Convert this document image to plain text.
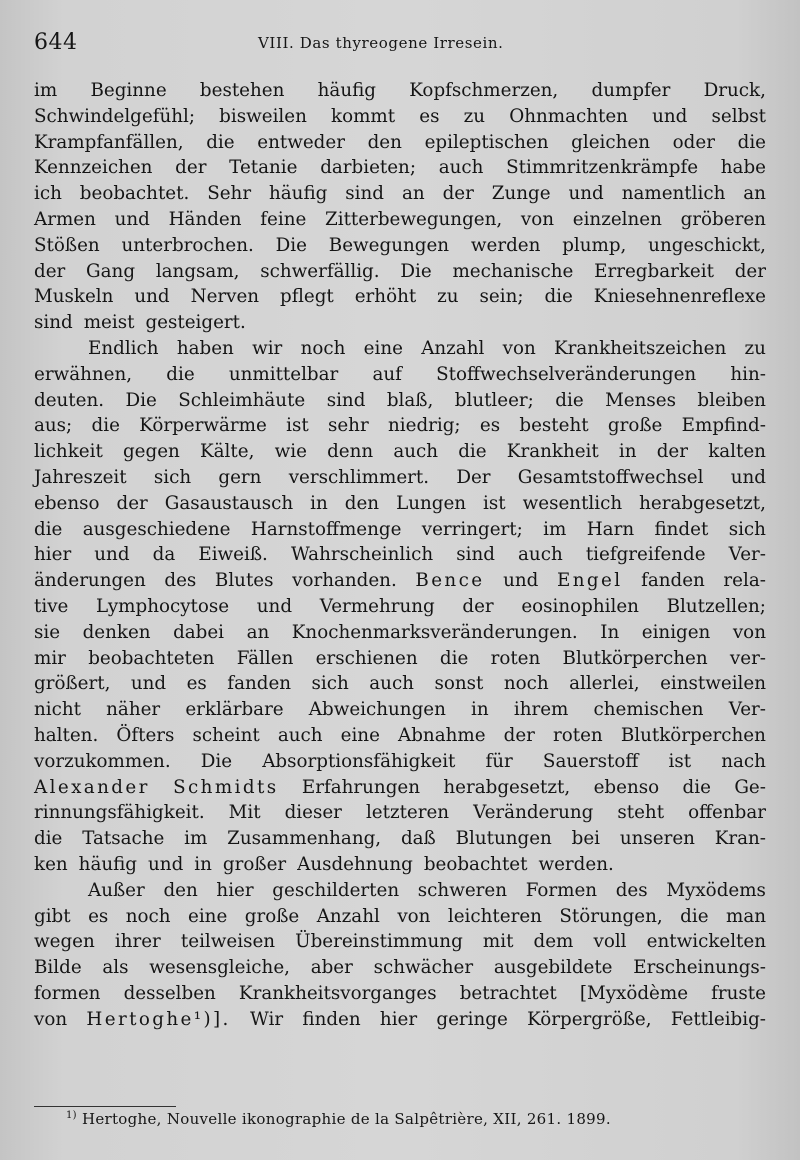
644	VIII. Das thyreogene Irresein.
im Beginne bestehen häufig Kopfschmerzen, dumpfer Druck,
Schwindelgefühl; bisweilen kommt es zu Ohnmachten und selbst
Krampfanfällen, die entweder den epileptischen gleichen oder die
Kennzeichen der Tetanie darbieten; auch Stimmritzenkrämpfe habe
ich beobachtet. Sehr häufig sind an der Zunge und namentlich an
Armen und Händen feine Zitterbewegungen, von einzelnen gröberen
Stößen unterbrochen. Die Bewegungen werden plump, ungeschickt,
der Gang langsam, schwerfällig. Die mechanische Erregbarkeit der
Muskeln und Nerven pflegt erhöht zu sein; die Kniesehnenreflexe
sind meist gesteigert.
Endlich haben wir noch eine Anzahl von Krankheitszeichen zu
erwähnen, die unmittelbar auf Stoffwechselveränderungen hin-
deuten. Die Schleimhäute sind blaß, blutleer; die Menses bleiben
aus; die Körperwärme ist sehr niedrig; es besteht große Empfind-
lichkeit gegen Kälte, wie denn auch die Krankheit in der kalten
Jahreszeit sich gern verschlimmert. Der Gesamtstoffwechsel und
ebenso der Gasaustausch in den Lungen ist wesentlich herabgesetzt,
die ausgeschiedene Harnstoffmenge verringert; im Harn findet sich
hier und da Eiweiß. Wahrscheinlich sind auch tiefgreifende Ver-
änderungen des Blutes vorhanden. Bence und Engel fanden rela-
tive Lymphocytose und Vermehrung der eosinophilen Blutzellen;
sie denken dabei an Knochenmarksveränderungen. In einigen von
mir beobachteten Fällen erschienen die roten Blutkörperchen ver-
größert, und es fanden sich auch sonst noch allerlei, einstweilen
nicht näher erklärbare Abweichungen in ihrem chemischen Ver-
halten. Öfters scheint auch eine Abnahme der roten Blutkörperchen
vorzukommen. Die Absorptionsfähigkeit für Sauerstoff ist nach
Alexander Schmidts Erfahrungen herabgesetzt, ebenso die Ge-
rinnungsfähigkeit. Mit dieser letzteren Veränderung steht offenbar
die Tatsache im Zusammenhang, daß Blutungen bei unseren Kran-
ken häufig und in großer Ausdehnung beobachtet werden.
Außer den hier geschilderten schweren Formen des Myxödems
gibt es noch eine große Anzahl von leichteren Störungen, die man
wegen ihrer teilweisen Übereinstimmung mit dem voll entwickelten
Bilde als wesensgleiche, aber schwächer ausgebildete Erscheinungs-
formen desselben Krankheitsvorganges betrachtet [Myxödème fruste
von Hertoghe¹)]. Wir finden hier geringe Körpergröße, Fettleibig-
$^{1)}$ Hertoghe, Nouvelle ikonographie de la Salpêtrière, XII, 261. 1899.
